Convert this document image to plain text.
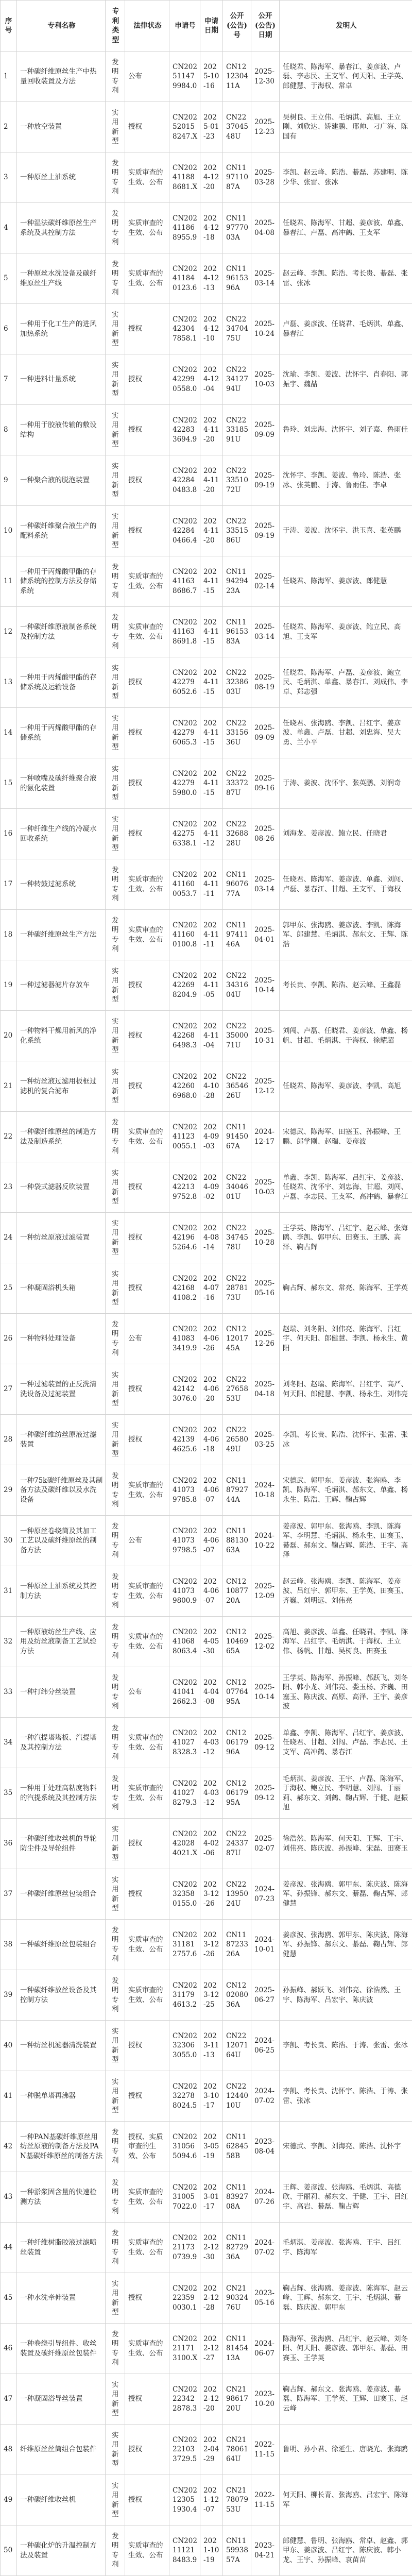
序号	专利名称	专利类型	法律状态	申请号	申请日期	公开(公告)号	公开(公告)日期	发明人
1	一种碳纤维原丝生产中热量回收装置及方法	发明专利	公布	CN202511479984.0	2025-10-16	CN121230411A	2025-12-30	任晓君、陈海军、暴春江、姜彦波、卢磊、李志民、王支军、何天阳、王学英、郎健慧、于海权、常卓
2	一种放空装置	实用新型	授权	CN202520158247.X	2025-01-23	CN223704548U	2025-12-23	吴树良、王立伟、毛炳淇、高旭、王立刚、刘欣达、矫建鹏、邢帅、刁广海、陈国有
3	一种原丝上油系统	发明专利	实质审查的生效、公布	CN202411888681.X	2024-12-20	CN119711087A	2025-03-28	李凯、赵云峰、陈浩、綦磊、苏建明、陈少华、张雷、张冰
4	一种湿法碳纤维原丝生产系统及其控制方法	发明专利	实质审查的生效、公布	CN202411868955.9	2024-12-18	CN119777003A	2025-04-08	任晓君、陈海军、甘超、姜彦波、单鑫、暴春江、卢磊、高冲鹤、王支军
5	一种原丝水洗设备及碳纤维原丝生产线	发明专利	实质审查的生效、公布	CN202411840123.6	2024-12-13	CN119615396A	2025-03-14	赵云峰、李凯、陈浩、考长贵、綦磊、张雷、张冰
6	一种用于化工生产的进风加热系统	实用新型	授权	CN202423047858.1	2024-12-10	CN223470475U	2025-10-24	卢磊、姜彦波、任晓君、毛炳淇、单鑫、暴春江
7	一种进料计量系统	实用新型	授权	CN202422990558.0	2024-12-04	CN223412794U	2025-10-03	沈瑜、李凯、姜波、沈怀宇、肖春阳、郭振宇、魏喆
8	一种用于胶液传输的敷设结构	实用新型	授权	CN202422833694.9	2024-11-20	CN223318591U	2025-09-09	鲁玲、刘忠海、沈怀宇、刘子嘉、鲁雨佳
9	一种聚合液的脱泡装置	实用新型	授权	CN202422840483.8	2024-11-20	CN223351072U	2025-09-19	沈怀宇、李凯、姜波、鲁玲、陈浩、张冰、张英鹏、于涛、鲁雨佳、李卓
10	一种碳纤维聚合液生产的配料系统	实用新型	授权	CN202422840466.4	2024-11-20	CN223351586U	2025-09-19	于涛、姜波、沈怀宇、洪玉喜、张英鹏
11	一种用于丙烯酸甲酯的存储系统的控制方法及存储系统	发明专利	实质审查的生效、公布	CN202411638686.7	2024-11-15	CN119429423A	2025-02-14	任晓君、陈海军、姜彦波、郎健慧
12	一种碳纤维原液制备系统及控制方法	发明专利	实质审查的生效、公布	CN202411638691.8	2024-11-15	CN119615383A	2025-03-14	任晓君、陈海军、姜彦波、鲍立民、高旭、王支军
13	一种用于丙烯酸甲酯的存储系统及运输设备	实用新型	授权	CN202422796052.6	2024-11-15	CN223238603U	2025-08-19	任晓君、陈海军、卢磊、姜彦波、鲍立民、毛炳淇、单鑫、暴春江、刘成伟、李卓、郑志强
14	一种用于丙烯酸甲酯的存储系统	实用新型	授权	CN202422796065.3	2024-11-15	CN223315636U	2025-09-09	任晓君、张海鸥、李凯、吕红宇、姜彦波、单鑫、卢磊、甘超、刘忠海、吴大勇、兰小平
15	一种喷嘴及碳纤维聚合液的氨化装置	实用新型	授权	CN202422795980.0	2024-11-15	CN223337287U	2025-09-16	于涛、姜波、沈怀宇、张英鹏、刘润奇
16	一种纤维生产线的冷凝水回收系统	实用新型	授权	CN202422756338.1	2024-11-12	CN223268828U	2025-08-26	刘海龙、姜彦波、鲍立民、任晓君
17	一种转鼓过滤系统	发明专利	实质审查的生效、公布	CN202411600053.7	2024-11-11	CN119607677A	2025-03-14	任晓君、陈海军、姜彦波、单鑫、刘闯、卢磊、暴春江、甘超、王支军、于海权
18	一种碳纤维原丝生产方法	发明专利	实质审查的生效、公布	CN202411600100.8	2024-11-11	CN119741146A	2025-04-01	郭甲东、张海鸥、姜彦波、李凯、陈海军、郎建慧、毛炳淇、郝东文、王辉、陈浩
19	一种过滤器滤片存放车	实用新型	授权	CN202422698204.9	2024-11-05	CN223431604U	2025-10-14	考长贵、李凯、陈浩、赵云峰、王鑫磊
20	一种物料干燥用新风的净化系统	实用新型	授权	CN202422686498.3	2024-11-04	CN223500071U	2025-10-31	刘闯、卢磊、任晓君、姜彦波、单鑫、杨帆、甘超、毛炳淇、于海权、徐耀超
21	一种纺丝液过滤用板框过滤机的复合滤布	实用新型	授权	CN202422606968.0	2024-10-28	CN223654626U	2025-12-12	任晓君、陈海军、姜彦波、李凯、高旭
22	一种碳纤维原丝的制造方法及制造系统	发明专利	实质审查的生效、公布	CN202411230055.1	2024-09-03	CN119145067A	2024-12-17	宋德武、陈海军、田塞玉、孙振峰、王鹏、郎学刚、赵瑞、姜彦波
23	一种袋式滤器反吹装置	实用新型	授权	CN202422139752.8	2024-09-02	CN223404601U	2025-10-03	单鑫、李凯、陈海军、吕红宇、姜彦波、任晓君、沈怀宇、刘忠海、甘超、刘闯、卢磊、李志民、王支军、高冲鹤、暴春江
24	一种纺丝原液过滤装置	实用新型	授权	CN202421965264.6	2024-08-14	CN223474578U	2025-10-28	王学英、陈海军、吕红宇、赵云峰、张海鸥、李凯、郭甲东、田赛玉、王鹏、高泽、鞠占辉
25	一种凝固浴机头箱	实用新型	授权	CN202421684108.2	2024-07-16	CN222878173U	2025-05-16	鞠占辉、郝东文、常亮、陈海军、王学英
26	一种物料处理设备	发明专利	公布	CN202410833419.9	2024-06-26	CN121201745A	2025-12-26	赵瑞、刘冬阳、刘伟亮、陈海军、吕红宇、何天阳、郎健慧、李凯、杨永生、黄阳
27	一种过滤装置的正反洗清洗设备及过滤装置	实用新型	授权	CN202421423076.0	2024-06-20	CN222765853U	2025-04-18	刘冬阳、赵瑞、陈海军、吕红宇、高严、何天阳、郎健慧、李凯、杨永生、刘伟亮
28	一种碳纤维纺丝原液过滤装置	实用新型	授权	CN202421394625.6	2024-06-18	CN222658049U	2025-03-25	李凯、考长贵、陈浩、沈怀宇、张雷、张冰
29	一种75k碳纤维原丝及其制备方法及碳纤维以及水洗设备	发明专利	实质审查的生效、公布	CN202410739785.8	2024-06-07	CN118792744A	2024-10-18	宋德武、郭甲东、姜彦波、张海鸥、李凯、陈海军、毛炳淇、郝东文、单鑫、杨永生、陈浩、王辉、鞠占辉
30	一种原丝卷绕筒及其加工工艺以及碳纤维原丝的制备方法	发明专利	公布	CN202410739798.5	2024-06-07	CN118813063A	2024-10-22	姜彦波、郭甲东、张海鸥、李凯、陈海军、李明慧、毛炳淇、杨永生、田赛玉、綦磊、郝东文、鞠占辉、陈浩、王宇、高泽
31	一种原丝上油系统及其控制方法	发明专利	实质审查的生效、公布	CN202410739800.9	2024-06-07	CN121087720A	2025-12-09	赵云峰、张海鸥、李凯、陈海军、姜彦波、吕红宇、郭甲东、王学英、田赛玉、齐巍、刘明远、刘伟亮
32	一种原液纺丝生产线、应用及纺丝液制备工艺试验方法	发明专利	实质审查的生效、公布	CN202410688063.4	2024-05-30	CN121046965A	2025-12-02	高旭、姜彦波、单鑫、任晓君、李凯、陈海军、吕红宇、毛炳淇、于海权、王立伟、杨帆、甘超、吴树良、田赛玉
33	一种打纬分丝装置	发明专利	公布	CN202410412662.3	2024-04-08	CN120776495A	2025-10-14	王学英、陈海军、孙振峰、郝跃飞、刘冬阳、韩小龙、刘伟亮、娄玉杨、齐巍、田塞玉、陈庆波、高原、高泽、王宇、姜彦波
34	一种汽提塔塔板、汽提塔及其控制方法	发明专利	实质审查的生效、公布	CN202410278328.3	2024-03-12	CN120617996A	2025-09-12	单鑫、李凯、陈海军、吕红宇、姜彦波、任晓君、甘超、刘闯、卢磊、李志民、王支军、高冲鹤、暴春江
35	一种用于处理高粘度物料的汽提系统及其控制方法	发明专利	实质审查的生效、公布	CN202410278279.3	2024-03-12	CN120617995A	2025-09-12	毛炳淇、姜彦波、王宇、卢磊、陈海军、于海权、鲍立民、李明慧、刘闯、于丽莉、郝东文、刘鹤、鞠占辉、于健、赵振旭
36	一种碳纤维收丝机的导轮防尘件及导轮组件	实用新型	授权	CN202420284021.X	2024-02-06	CN222433787U	2025-02-07	徐浩然、陈海军、何天阳、王辉、王宇、刘伟亮、陈庆波、孙振峰、宋磊、田赛玉
37	一种碳纤维原丝包装组合	实用新型	授权	CN202323580155.0	2023-12-26	CN221395024U	2024-07-23	姜彦波、张海鸥、郭甲东、陈庆波、陈海军、孙振锋、郝东文、綦磊、鞠占辉、郎健慧
38	一种碳纤维原丝包装组合	发明专利	实质审查的生效、公布	CN202311812757.6	2023-12-26	CN118723326A	2024-10-01	姜彦波、张海鸥、郭甲东、陈庆波、陈海军、孙振锋、郝东文、綦磊、鞠占辉、郎健慧
39	一种碳纤维放丝设备及其控制方法	发明专利	实质审查的生效、公布	CN202311794613.2	2023-12-25	CN120208036A	2025-06-27	孙振峰、郝跃飞、刘伟亮、徐浩然、王宇、陈海军、吕宏宇、陈庆波
40	一种纺丝机滤器清洗装置	实用新型	授权	CN202323063055.0	2023-11-13	CN221207164U	2024-06-25	李凯、考长贵、陈浩、于涛、张雷、张冰
41	一种脱单塔再沸器	实用新型	授权	CN202322788024.5	2023-10-17	CN221244010U	2024-07-02	李凯、考长贵、沈怀宇、陈浩、于涛、张雷、张冰
42	一种PAN基碳纤维原丝用纺丝原液的制备方法及PAN基碳纤维原丝的制备方法	发明专利	授权、实质审查的生效、公布	CN202310565094.6	2023-05-19	CN116284558B	2023-08-04	宋德武、李凯、刘海亮、陈浩、沈怀宇
43	一种淤浆固含量的快速检测方法	发明专利	实质审查的生效、公布	CN202310057022.0	2023-01-17	CN118392708A	2024-07-26	王辉、姜彦波、张海鸥、毛炳淇、高德欣、于丽莉、郝东文、于健、王宇、吕红宇、高岩、綦磊、鞠占辉
44	一种纤维树脂胶液过滤喷丝装置	发明专利	实质审查的生效、公布	CN202211730739.9	2022-12-30	CN118272936A	2024-07-02	毛炳淇、姜彦波、张海鸥、王宇、吕红宇、陈海军
45	一种水洗牵伸装置	实用新型	授权	CN202223590030.1	2022-12-28	CN219032476U	2023-05-16	鞠占辉、张海鸥、姜彦波、陈海军、赵云峰、王辉、郝东文、王宇、毛炳淇、綦磊、陈庆波、郭甲东
46	一种卷绕引导组件、收丝装置及碳纤维原丝包装件	发明专利	实质审查的生效、公布	CN202211713100.X	2022-12-27	CN118145413A	2024-06-07	陈海军、张海鸥、吕红宇、赵云峰、刘冬阳、何天阳、姜彦波、郭甲东、綦磊、田赛玉、王学英
47	一种凝固浴导丝装置	实用新型	授权	CN202223422878.3	2022-12-20	CN219861720U	2023-10-20	鞠占辉、郝东文、张海鸥、姜彦波、綦磊、陈海军、王学英、王辉、田赛玉、赵云峰
48	纤维原丝丝筒组合包装件	实用新型	授权	CN202221033729.5	2022-04-29	CN217806164U	2022-11-15	鲁明、孙小君、徐延生、唐晓光、张海鸥
49	一种碳纤维收丝机	实用新型	授权	CN202123051930.4	2021-12-07	CN217807953U	2022-11-15	何天阳、柳长青、张海鸥、吕宏宇、陈海军
50	一种碳化炉的升温控制方法及装置	发明专利	实质审查的生效、公布	CN202111218483.9	2021-10-19	CN115993857A	2023-04-21	郎健慧、鲁明、张海鸥、常卓、赵鑫、郭甲东、姜彦波、吕红宇、陈庆波、韩小龙、王宇、孙振峰、袁苗苗
